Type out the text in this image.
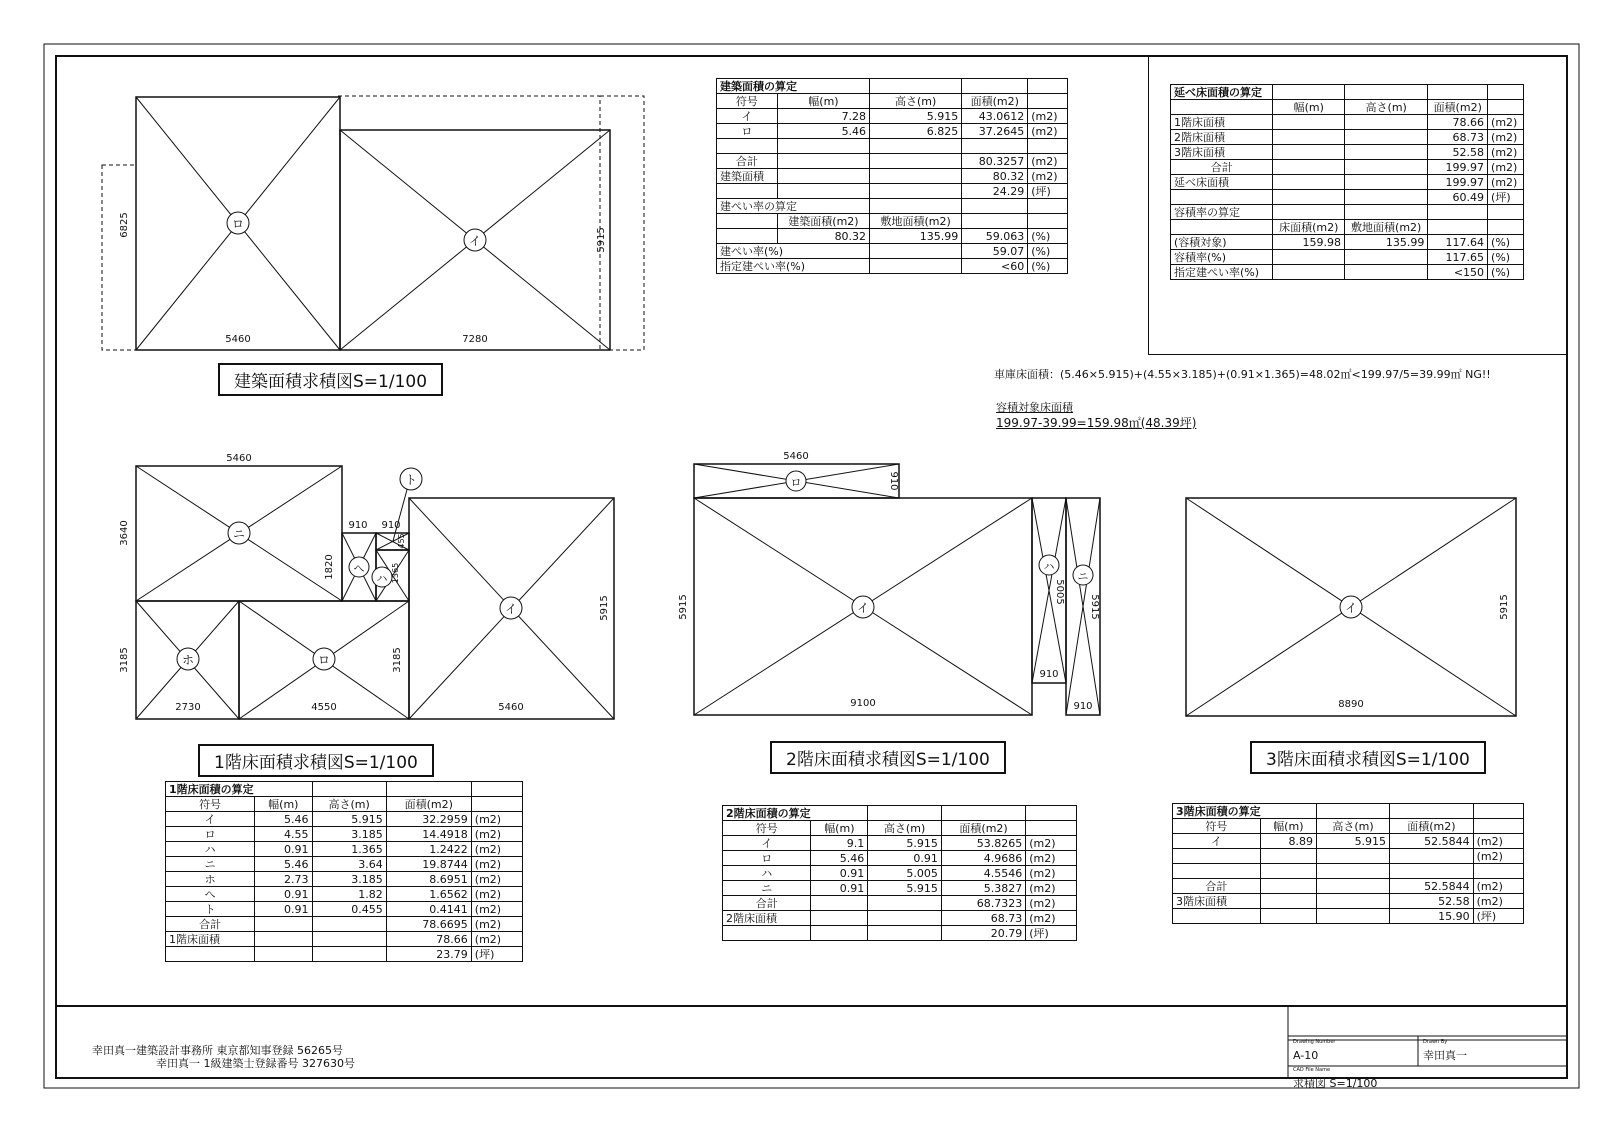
ロ
イ
6825
5460	7280
5915
ニ
ホ	ロ
へ
ハ
ト
イ
5460
3640
1820
910 910
455
1365
3185	3185
2730	4550	5460
5915
ロ
イ
ハ
ニ
5460
910
5915
9100
5005
5915
910
910
イ
8890
5915
幸田真一建築設計事務所 東京都知事登録 56265号
幸田真一 1級建築士登録番号 327630号
Drawing Number
A-10
Drawn By
幸田真一
CAD File Name
求積図 S=1/100
建築面積求積図S=1/100
1階床面積求積図S=1/100	2階床面積求積図S=1/100	3階床面積求積図S=1/100
建築面積の算定				
符号	幅(m)	高さ(m)	面積(m2)	
イ	7.28	5.915	43.0612	(m2)
ロ	5.46	6.825	37.2645	(m2)

合計			80.3257	(m2)
建築面積			80.32	(m2)
			24.29	(坪)
建ぺい率の算定				
	建築面積(m2)	敷地面積(m2)		
	80.32	135.99	59.063	(%)
建ぺい率(%)			59.07	(%)
指定建ぺい率(%)			<60	(%)
延べ床面積の算定				
	幅(m)	高さ(m)	面積(m2)	
1階床面積			78.66	(m2)
2階床面積			68.73	(m2)
3階床面積			52.58	(m2)
合計			199.97	(m2)
延べ床面積			199.97	(m2)
			60.49	(坪)
容積率の算定				
	床面積(m2)	敷地面積(m2)		
(容積対象)	159.98	135.99	117.64	(%)
容積率(%)			117.65	(%)
指定建ぺい率(%)			<150	(%)
車庫床面積：(5.46×5.915)+(4.55×3.185)+(0.91×1.365)=48.02㎡<199.97/5=39.99㎡ NG!!
容積対象床面積
199.97-39.99=159.98㎡(48.39坪)
1階床面積の算定				
符号	幅(m)	高さ(m)	面積(m2)	
イ	5.46	5.915	32.2959	(m2)
ロ	4.55	3.185	14.4918	(m2)
ハ	0.91	1.365	1.2422	(m2)
ニ	5.46	3.64	19.8744	(m2)
ホ	2.73	3.185	8.6951	(m2)
へ	0.91	1.82	1.6562	(m2)
ト	0.91	0.455	0.4141	(m2)
合計			78.6695	(m2)
1階床面積			78.66	(m2)
			23.79	(坪)
2階床面積の算定				
符号	幅(m)	高さ(m)	面積(m2)	
イ	9.1	5.915	53.8265	(m2)
ロ	5.46	0.91	4.9686	(m2)
ハ	0.91	5.005	4.5546	(m2)
ニ	0.91	5.915	5.3827	(m2)
合計			68.7323	(m2)
2階床面積			68.73	(m2)
			20.79	(坪)
3階床面積の算定				
符号	幅(m)	高さ(m)	面積(m2)	
イ	8.89	5.915	52.5844	(m2)
				(m2)

合計			52.5844	(m2)
3階床面積			52.58	(m2)
			15.90	(坪)
